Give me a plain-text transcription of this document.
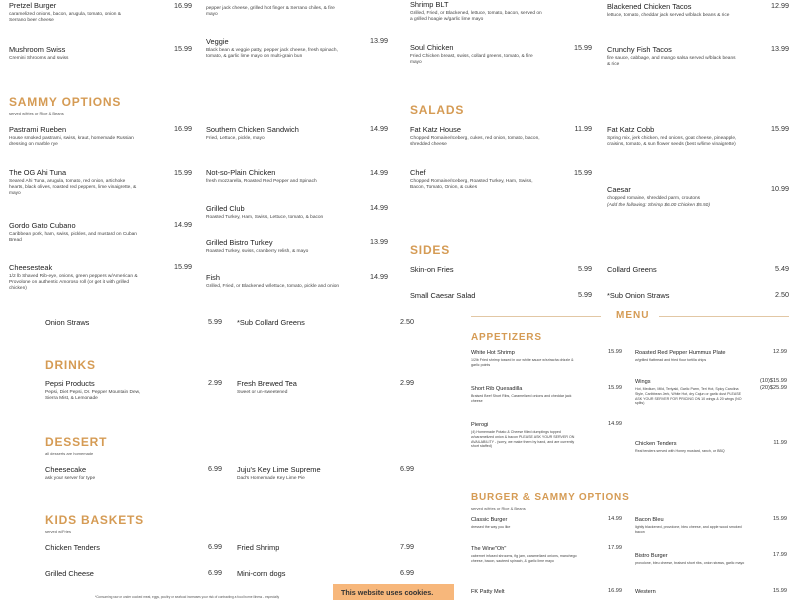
Pretzel Burger
caramelized onions, bacon, arugula, tomato, onion & Serrano beer cheese
16.99	pepper jack cheese, grilled hot finger & Serrano chiles, & fire mayo
Shrimp BLT
Grilled, Fried, or Blackened, lettuce, tomato, bacon, served on a grilled hoagie w/garlic lime mayo
Blackened Chicken Tacos
lettuce, tomato, cheddar jack served w/black beans & rice
12.99
Mushroom Swiss
Cremini Shrooms and swiss
15.99
Veggie
Black bean & veggie patty, pepper jack cheese, fresh spinach, tomato, & garlic lime mayo on multi-grain bun
13.99
Soul Chicken
Fried Chicken breast, swiss, collard greens, tomato, & fire mayo
15.99 Crunchy Fish Tacos
fire sauce, cabbage, and mango salsa served w/black beans & rice
13.99
Pastrami Rueben
House smoked pastrami, swiss, kraut, homemade Russian dressing on marble rye
16.99 Southern Chicken Sandwich
Fried, Lettuce, pickle, mayo
14.99	Fat Katz House
Chopped Romaine/Iceberg, cukes, red onion, tomato, bacon, shredded cheese
11.99 Fat Katz Cobb
Spring mix, jerk chicken, red onions, goat cheese, pineapple, craisins, tomato, & sun flower seeds (best w/lime vinaigrette)
15.99
The OG Ahi Tuna
Seared Ahi Tuna, arugula, tomato, red onion, artichoke hearts, black olives, roasted red peppers, lime vinaigrette, & mayo
15.99 Not-so-Plain Chicken
fresh mozzarella, Roasted Red Pepper and Spinach
14.99	Chef
Chopped Romaine/Iceberg, Roasted Turkey, Ham, Swiss, Bacon, Tomato, Onion, & cukes
15.99
Caesar
chopped romaine, shredded parm, croutons
(Add the following: Shrimp $6.00 Chicken $5.50)
10.99
Grilled Club
Roasted Turkey, Ham, Swiss, Lettuce, tomato, & bacon
14.99
Gordo Gato Cubano
Caribbean pork, ham, swiss, pickles, and mustard on Cuban Bread
14.99
Grilled Bistro Turkey
Roasted Turkey, swiss, cranberry relish, & mayo
13.99
Cheesesteak
1/2 lb Shaved Rib-eye, onions, green peppers w/American & Provolone on authentic Amoroso roll (or get it with grilled chicken)
15.99
Fish
Grilled, Fried, or Blackened w/lettuce, tomato, pickle and onion
14.99
Skin-on Fries	5.99 Collard Greens	5.49
Small Caesar Salad	5.99 *Sub Onion Straws	2.50
Onion Straws	5.99 *Sub Collard Greens	2.50
Pepsi Products
Pepsi, Diet Pepsi, Dr. Pepper Mountain Dew, Sierra Mist, & Lemonade
2.99 Fresh Brewed Tea
Sweet or un-sweetened
2.99
Cheesecake
ask your server for type
6.99 Juju's Key Lime Supreme
Dad's Homemade Key Lime Pie
6.99
Chicken Tenders	6.99 Fried Shrimp	7.99
Grilled Cheese	6.99 Mini-corn dogs	6.99
SAMMY OPTIONS
served w/fries or Rice & Beans	SALADS
SIDES
DRINKS
DESSERT
all desserts are homemade
KIDS BASKETS
served w/Fries
APPETIZERS
BURGER & SAMMY OPTIONS
served w/fries or Rice & Beans
White Hot Shrimp
1/2lb Fried shrimp tossed in our white sauce w/sriracha drizzle & garlic points
15.99 Roasted Red Pepper Hummus Plate
w/grilled flatbread and fried flour tortilla chips
12.99
Short Rib Quesadilla
Braised Beef Short Ribs, Caramelized onions and cheddar jack cheese
15.99
Wings
Hot, Medium, Mild, Teriyaki, Garlic Parm, Teri Hot, Spicy Carolina Style, Caribbean Jerk, White Hot, dry Cajun or garlic dust PLEASE ASK YOUR SERVER FOR PRICING ON 10 wings & 20 wings (NO splits)
(10)$15.99
(20)$25.99
Pierogi
(4) Homemade Potato & Cheese filled dumplings topped w/caramelized onion & bacon PLEASE ASK YOUR SERVER ON AVAILABILITY - (sorry, we make them by hand, and are currently short staffed)
14.99
Chicken Tenders
Real tenders served with Honey mustard, ranch, or BBQ
11.99
Classic Burger
dressed the way you like
14.99 Bacon Bleu
lightly blackened, provolone, bleu cheese, and apple wood smoked bacon
15.99
The Wine"Oh"
cabernet infused shrooms, fig jam, caramelized onions, manchego cheese, bacon, sauteed spinach, & garlic lime mayo
17.99
Bistro Burger
provolone, bleu cheese, braised short ribs, onion straws, garlic mayo
17.99
FK Patty Melt	16.99 Western	15.99
MENU
*Consuming raw or under cooked meat, eggs, poultry or seafood increases your risk of contracting a food borne illness - especially	This website uses cookies.
